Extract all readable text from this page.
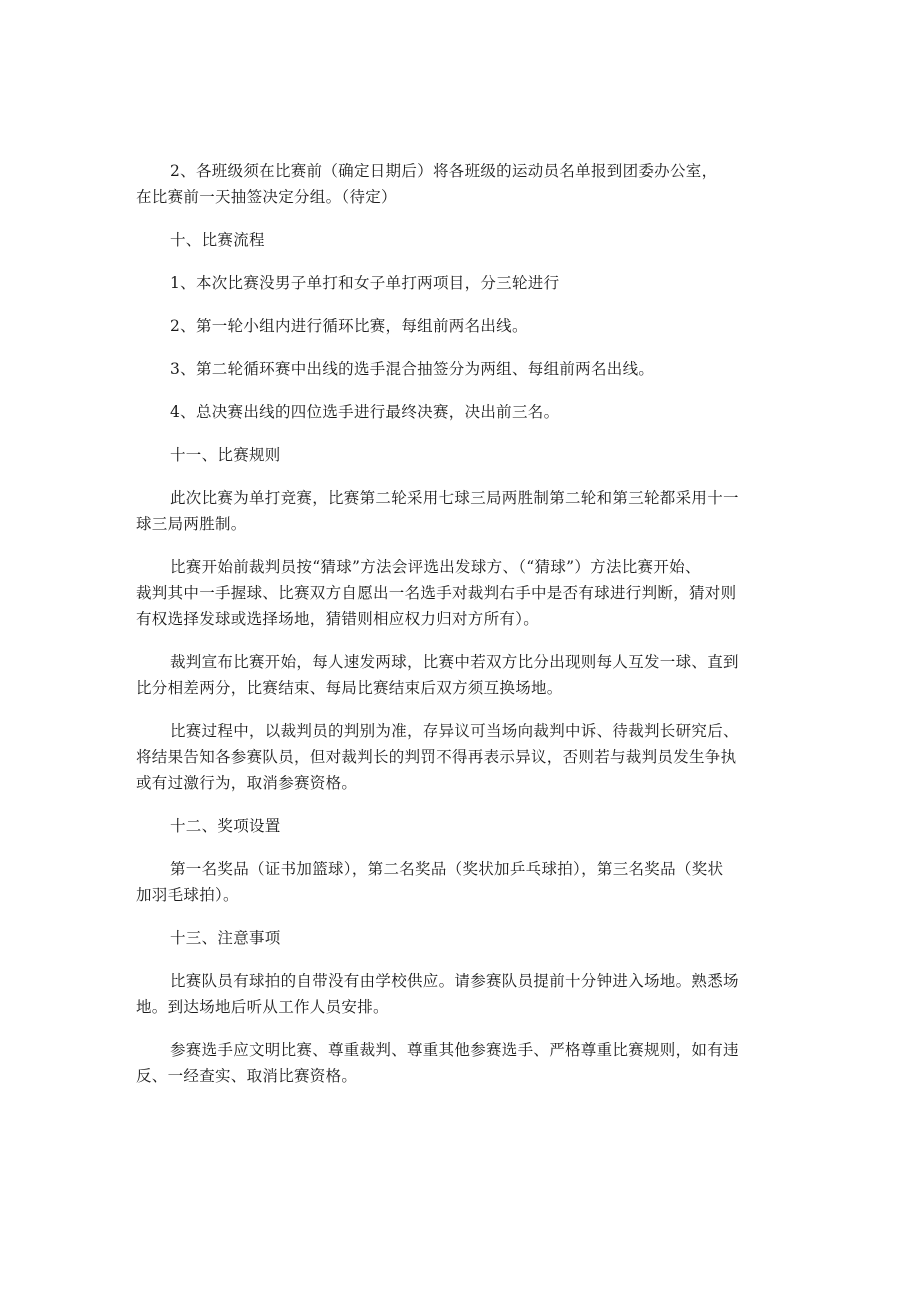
2、各班级须在比赛前（确定日期后）将各班级的运动员名单报到团委办公室，
在比赛前一天抽签决定分组。（待定）

十、比赛流程

1、本次比赛没男子单打和女子单打两项目，分三轮进行

2、第一轮小组内进行循环比赛，每组前两名出线。

3、第二轮循环赛中出线的选手混合抽签分为两组、每组前两名出线。

4、总决赛出线的四位选手进行最终决赛，决出前三名。

十一、比赛规则

此次比赛为单打竞赛，比赛第二轮采用七球三局两胜制第二轮和第三轮都采用十一
球三局两胜制。
比赛开始前裁判员按“猜球”方法会评选出发球方、（“猜球”）方法比赛开始、
裁判其中一手握球、比赛双方自愿出一名选手对裁判右手中是否有球进行判断，猜对则
有权选择发球或选择场地，猜错则相应权力归对方所有）。
裁判宣布比赛开始，每人速发两球，比赛中若双方比分出现则每人互发一球、直到
比分相差两分，比赛结束、每局比赛结束后双方须互换场地。
比赛过程中，以裁判员的判别为准，存异议可当场向裁判中诉、待裁判长研究后、
将结果告知各参赛队员，但对裁判长的判罚不得再表示异议，否则若与裁判员发生争执
或有过激行为，取消参赛资格。

十二、奖项设置

第一名奖品（证书加篮球），第二名奖品（奖状加乒乓球拍），第三名奖品（奖状
加羽毛球拍）。

十三、注意事项

比赛队员有球拍的自带没有由学校供应。请参赛队员提前十分钟进入场地。熟悉场
地。到达场地后听从工作人员安排。
参赛选手应文明比赛、尊重裁判、尊重其他参赛选手、严格尊重比赛规则，如有违
反、一经查实、取消比赛资格。
